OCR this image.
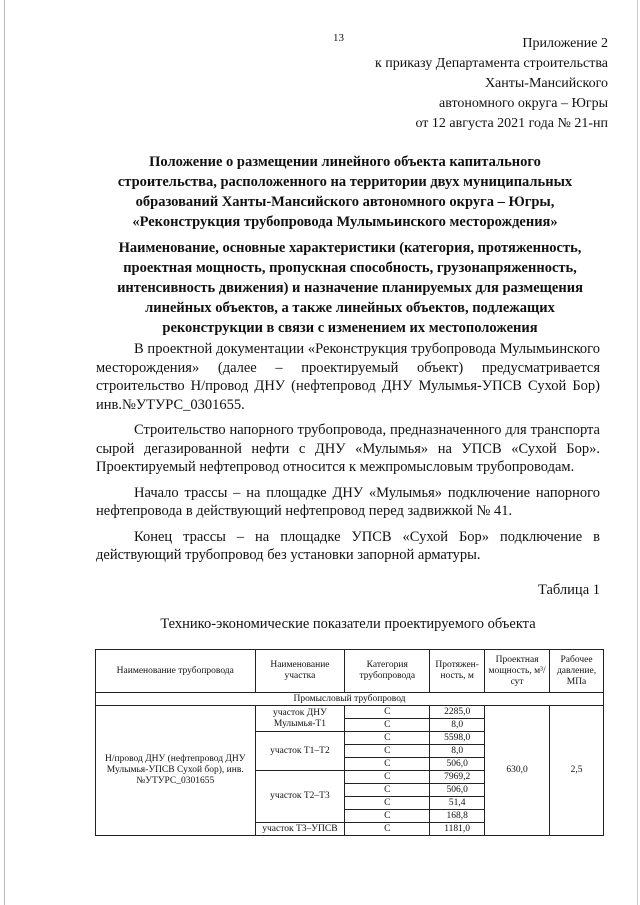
13	Приложение 2
к приказу Департамента строительства
Ханты-Мансийского
автономного округа – Югры
от 12 августа 2021 года № 21-нп
Положение о размещении линейного объекта капитального
строительства, расположенного на территории двух муниципальных
образований Ханты-Мансийского автономного округа – Югры,
«Реконструкция трубопровода Мулымьинского месторождения»
Наименование, основные характеристики (категория, протяженность,
проектная мощность, пропускная способность, грузонапряженность,
интенсивность движения) и назначение планируемых для размещения
линейных объектов, а также линейных объектов, подлежащих
реконструкции в связи с изменением их местоположения

В проектной документации «Реконструкция трубопровода Мулымьинского месторождения» (далее – проектируемый объект) предусматривается строительство Н/провод ДНУ (нефтепровод ДНУ Мулымья-УПСВ Сухой Бор) инв.№УТУРС_0301655.

Строительство напорного трубопровода, предназначенного для транспорта сырой дегазированной нефти с ДНУ «Мулымья» на УПСВ «Сухой Бор». Проектируемый нефтепровод относится к межпромысловым трубопроводам.

Начало трассы – на площадке ДНУ «Мулымья» подключение напорного нефтепровода в действующий нефтепровод перед задвижкой № 41.

Конец трассы – на площадке УПСВ «Сухой Бор» подключение в действующий трубопровод без установки запорной арматуры.

Таблица 1
Технико-экономические показатели проектируемого объекта
Наименование трубопровода	Наименование участка	Категория трубопровода	Протяжен-ность, м	Проектная мощность, м³/сут	Рабочее давление, МПа
Промысловый трубопровод					
Н/провод ДНУ (нефтепровод ДНУ Мулымья-УПСВ Сухой бор), инв.№УТУРС_0301655	участок ДНУ Мулымья-Т1	С	2285,0	630,0	2,5
		С	8,0		
	участок Т1–Т2	С	5598,0		
		С	8,0		
		С	506,0		
	участок Т2–Т3	С	7969,2		
		С	506,0		
		С	51,4		
		С	168,8		
	участок Т3–УПСВ	С	1181,0		
